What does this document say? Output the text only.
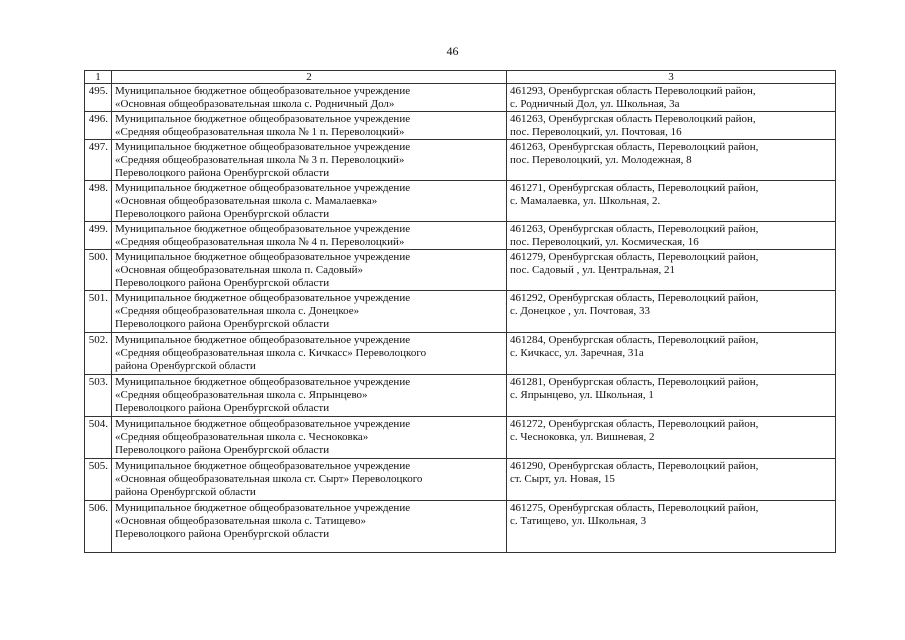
46
1	2	3
495.	Муниципальное бюджетное общеобразовательное учреждение
«Основная общеобразовательная школа с. Родничный Дол»	461293, Оренбургская область Переволоцкий район,
с. Родничный Дол, ул. Школьная, 3а

496.	Муниципальное бюджетное общеобразовательное учреждение
«Средняя общеобразовательная школа № 1 п. Переволоцкий»	461263, Оренбургская область Переволоцкий район,
пос. Переволоцкий, ул. Почтовая, 16

497.	Муниципальное бюджетное общеобразовательное учреждение
«Средняя общеобразовательная школа № 3 п. Переволоцкий»
Переволоцкого района Оренбургской области	461263, Оренбургская область, Переволоцкий район,
пос. Переволоцкий, ул. Молодежная, 8

498.	Муниципальное бюджетное общеобразовательное учреждение
«Основная общеобразовательная школа с. Мамалаевка»
Переволоцкого района Оренбургской области	461271, Оренбургская область, Переволоцкий район,
с. Мамалаевка, ул. Школьная, 2.

499.	Муниципальное бюджетное общеобразовательное учреждение
«Средняя общеобразовательная школа № 4 п. Переволоцкий»	461263, Оренбургская область, Переволоцкий район,
пос. Переволоцкий, ул. Космическая, 16

500.	Муниципальное бюджетное общеобразовательное учреждение
«Основная общеобразовательная школа п. Садовый»
Переволоцкого района Оренбургской области	461279, Оренбургская область, Переволоцкий район,
пос. Садовый , ул. Центральная, 21

501.	Муниципальное бюджетное общеобразовательное учреждение
«Средняя общеобразовательная школа с. Донецкое»
Переволоцкого района Оренбургской области	461292, Оренбургская область, Переволоцкий район,
с. Донецкое , ул. Почтовая, 33

502.	Муниципальное бюджетное общеобразовательное учреждение
«Средняя общеобразовательная школа с. Кичкасс» Переволоцкого
района Оренбургской области	461284, Оренбургская область, Переволоцкий район,
с. Кичкасс, ул. Заречная, 31а

503.	Муниципальное бюджетное общеобразовательное учреждение
«Средняя общеобразовательная школа с. Япрынцево»
Переволоцкого района Оренбургской области	461281, Оренбургская область, Переволоцкий район,
с. Япрынцево, ул. Школьная, 1

504.	Муниципальное бюджетное общеобразовательное учреждение
«Средняя общеобразовательная школа с. Чесноковка»
Переволоцкого района Оренбургской области	461272, Оренбургская область, Переволоцкий район,
с. Чесноковка, ул. Вишневая, 2

505.	Муниципальное бюджетное общеобразовательное учреждение
«Основная общеобразовательная школа ст. Сырт» Переволоцкого
района Оренбургской области	461290, Оренбургская область, Переволоцкий район,
ст. Сырт, ул. Новая, 15

506.	Муниципальное бюджетное общеобразовательное учреждение
«Основная общеобразовательная школа с. Татищево»
Переволоцкого района Оренбургской области	461275, Оренбургская область, Переволоцкий район,
с. Татищево, ул. Школьная, 3
